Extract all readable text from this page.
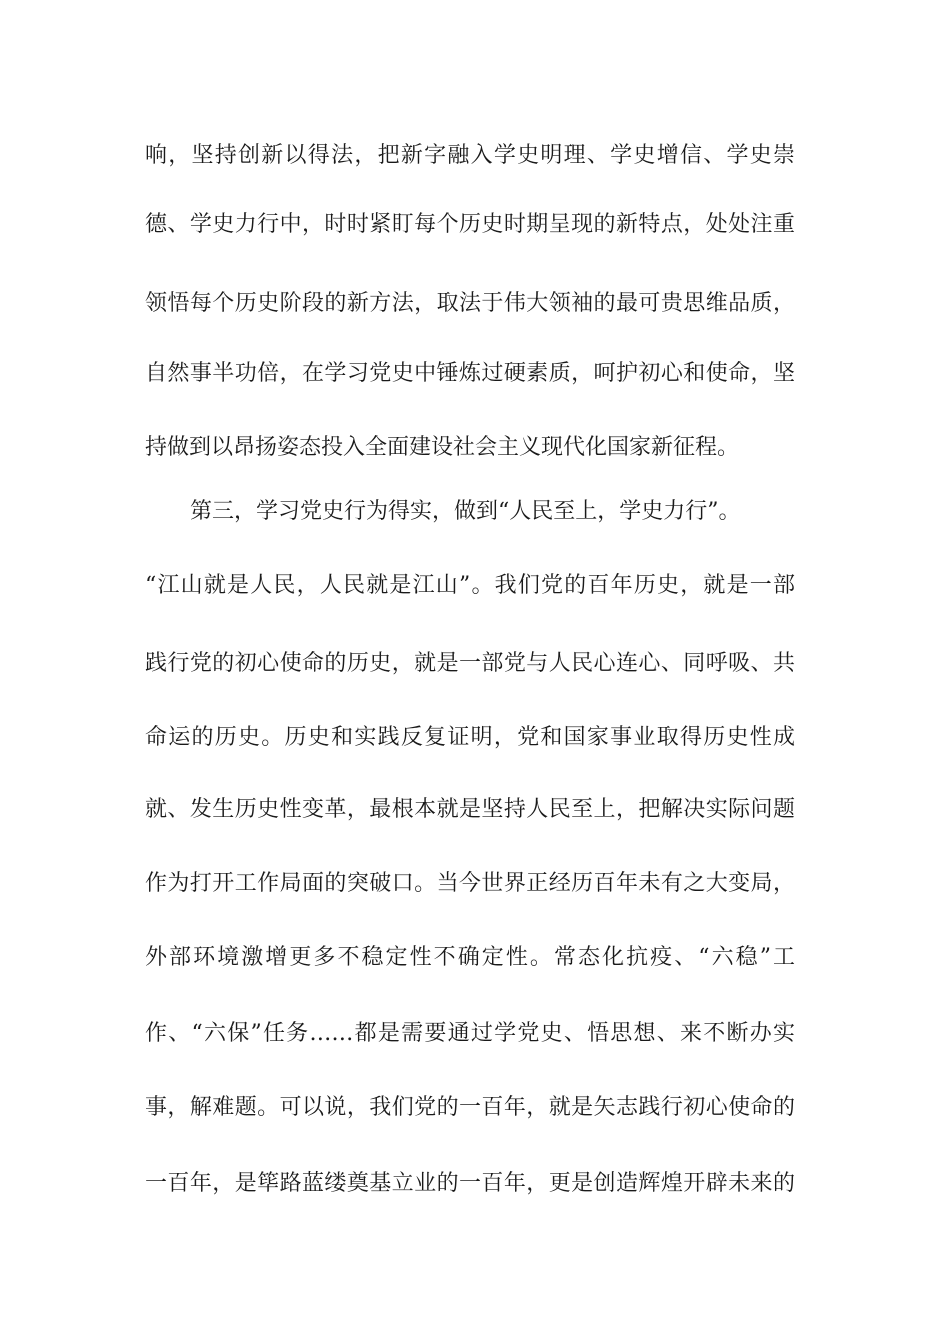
响，坚持创新以得法，把新字融入学史明理、学史增信、学史崇
德、学史力行中，时时紧盯每个历史时期呈现的新特点，处处注重
领悟每个历史阶段的新方法，取法于伟大领袖的最可贵思维品质，
自然事半功倍，在学习党史中锤炼过硬素质，呵护初心和使命，坚
持做到以昂扬姿态投入全面建设社会主义现代化国家新征程。
第三，学习党史行为得实，做到“人民至上，学史力行”。
“江山就是人民，人民就是江山”。我们党的百年历史，就是一部
践行党的初心使命的历史，就是一部党与人民心连心、同呼吸、共
命运的历史。历史和实践反复证明，党和国家事业取得历史性成
就、发生历史性变革，最根本就是坚持人民至上，把解决实际问题
作为打开工作局面的突破口。当今世界正经历百年未有之大变局，
外部环境激增更多不稳定性不确定性。常态化抗疫、“六稳”工
作、“六保”任务……都是需要通过学党史、悟思想、来不断办实
事，解难题。可以说，我们党的一百年，就是矢志践行初心使命的
一百年，是筚路蓝缕奠基立业的一百年，更是创造辉煌开辟未来的
